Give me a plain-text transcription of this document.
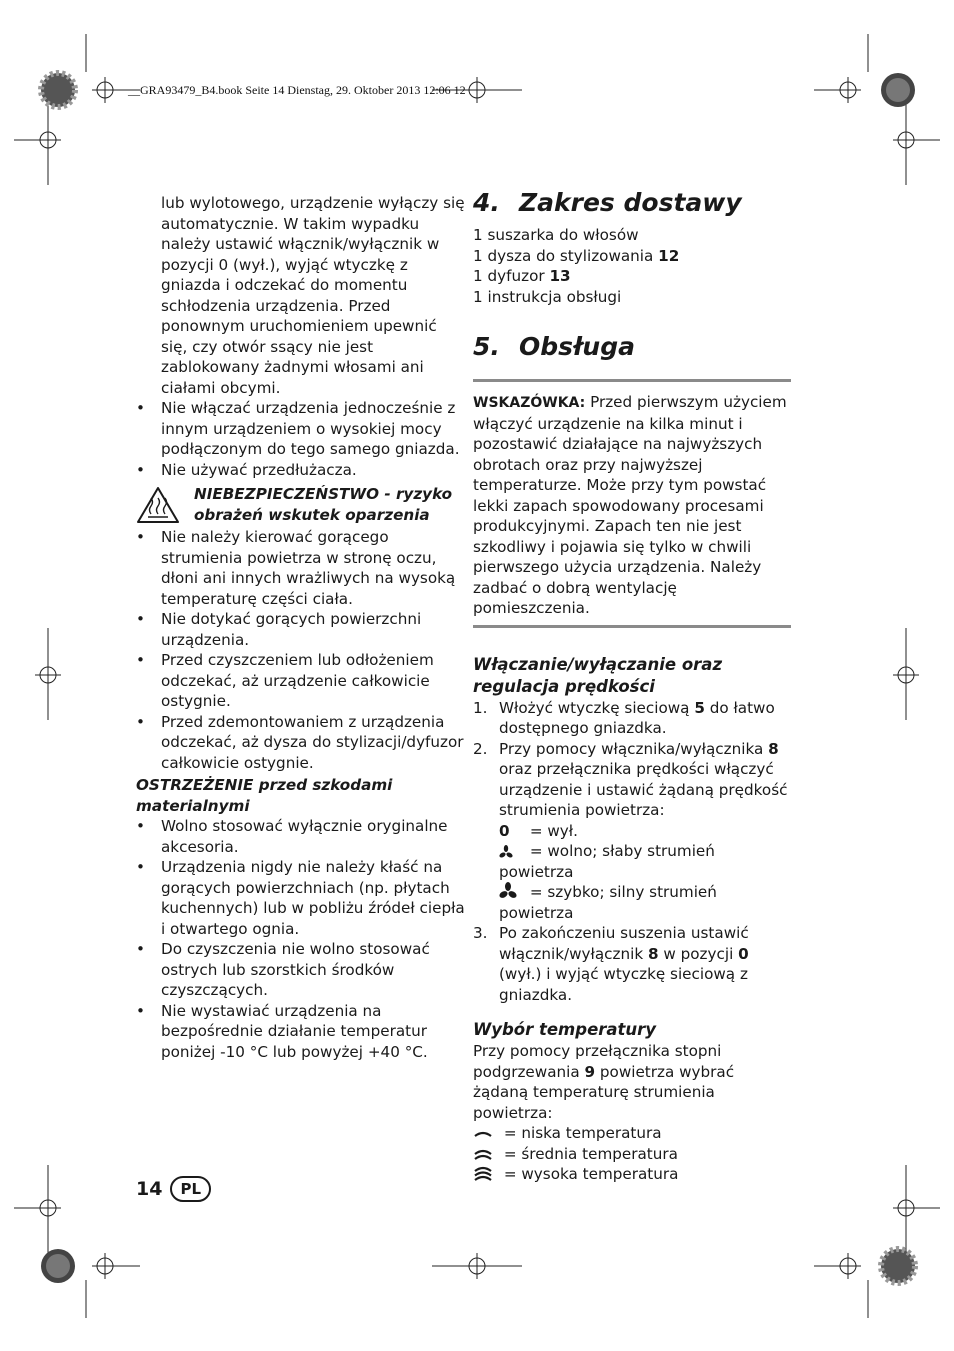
__GRA93479_B4.book Seite 14 Dienstag, 29. Oktober 2013 12:06 12

lub wylotowego, urządzenie wyłączy się automatycznie. W takim wypadku należy ustawić włącznik/wyłącznik w pozycji 0 (wył.), wyjąć wtyczkę z gniazda i odczekać do momentu schłodzenia urządzenia. Przed ponownym uruchomieniem upewnić się, czy otwór ssący nie jest zablokowany żadnymi włosami ani ciałami obcymi.

• Nie włączać urządzenia jednocześnie z innym urządzeniem o wysokiej mocy podłączonym do tego samego gniazda.
• Nie używać przedłużacza.
NIEBEZPIECZEŃSTWO - ryzyko obrażeń wskutek oparzenia
• Nie należy kierować gorącego strumienia powietrza w stronę oczu, dłoni ani innych wrażliwych na wysoką temperaturę części ciała.
• Nie dotykać gorących powierzchni urządzenia.
• Przed czyszczeniem lub odłożeniem odczekać, aż urządzenie całkowicie ostygnie.
• Przed zdemontowaniem z urządzenia odczekać, aż dysza do stylizacji/dyfuzor całkowicie ostygnie.
OSTRZEŻENIE przed szkodami materialnymi
• Wolno stosować wyłącznie oryginalne akcesoria.
• Urządzenia nigdy nie należy kłaść na gorących powierzchniach (np. płytach kuchennych) lub w pobliżu źródeł ciepła i otwartego ognia.
• Do czyszczenia nie wolno stosować ostrych lub szorstkich środków czyszczących.
• Nie wystawiać urządzenia na bezpośrednie działanie temperatur poniżej -10 °C lub powyżej +40 °C.
4. Zakres dostawy
1 suszarka do włosów
1 dysza do stylizowania 12
1 dyfuzor 13
1 instrukcja obsługi
5. Obsługa
WSKAZÓWKA: Przed pierwszym użyciem włączyć urządzenie na kilka minut i pozostawić działające na najwyższych obrotach oraz przy najwyższej temperaturze. Może przy tym powstać lekki zapach spowodowany procesami produkcyjnymi. Zapach ten nie jest szkodliwy i pojawia się tylko w chwili pierwszego użycia urządzenia. Należy zadbać o dobrą wentylację pomieszczenia.
Włączanie/wyłączanie oraz regulacja prędkości
1. Włożyć wtyczkę sieciową 5 do łatwo dostępnego gniazdka.
2. Przy pomocy włącznika/wyłącznika 8 oraz przełącznika prędkości włączyć urządzenie i ustawić żądaną prędkość strumienia powietrza:
0 = wył.
= wolno; słaby strumień powietrza
= szybko; silny strumień powietrza
3. Po zakończeniu suszenia ustawić włącznik/wyłącznik 8 w pozycji 0 (wył.) i wyjąć wtyczkę sieciową z gniazdka.
Wybór temperatury

Przy pomocy przełącznika stopni podgrzewania 9 powietrza wybrać żądaną temperaturę strumienia powietrza:

= niska temperatura
= średnia temperatura
= wysoka temperatura
14	PL
